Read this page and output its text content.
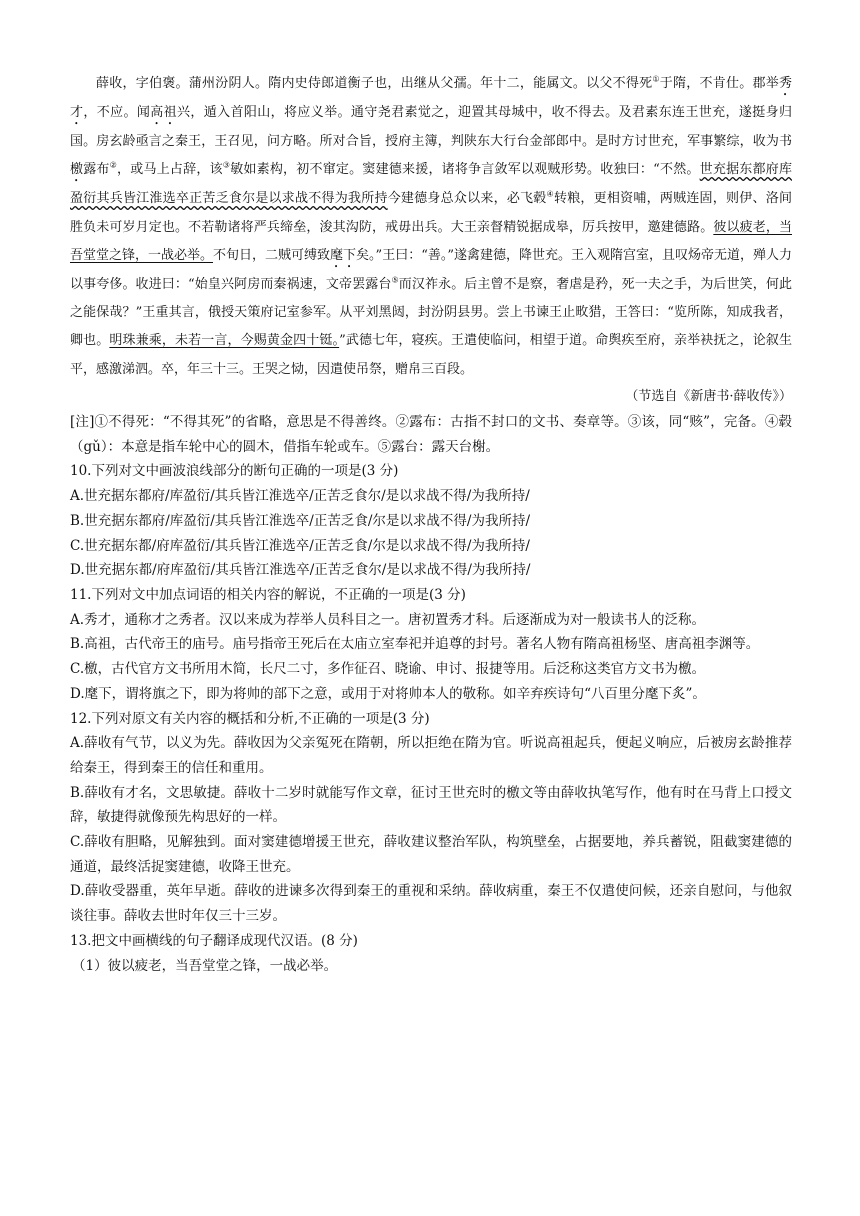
薛收，字伯褒。蒲州汾阴人。隋内史侍郎道衡子也，出继从父孺。年十二，能属文。以父不得死①于隋，不肯仕。郡举秀才，不应。闻高祖兴，遁入首阳山，将应义举。通守尧君素觉之，迎置其母城中，收不得去。及君素东连王世充，遂挺身归国。房玄龄亟言之秦王，王召见，问方略。所对合旨，授府主簿，判陕东大行台金部郎中。是时方讨世充，军事繁综，收为书檄露布②，或马上占辞，该③敏如素构，初不窜定。窦建德来援，诸将争言敛军以观贼形势。收独曰：“不然。世充据东都府库盈衍其兵皆江淮选卒正苦乏食尔是以求战不得为我所持今建德身总众以来，必飞毂④转粮，更相资哺，两贼连固，则伊、洛间胜负未可岁月定也。不若勒诸将严兵缔垒，浚其沟防，戒毋出兵。大王亲督精锐据成皋，厉兵按甲，邀建德路。彼以疲老，当吾堂堂之锋，一战必举。不旬日，二贼可缚致麾下矣。”王曰：“善。”遂禽建德，降世充。王入观隋宫室，且叹炀帝无道，殚人力以事夸侈。收进曰：“始皇兴阿房而秦祸速，文帝罢露台⑤而汉祚永。后主曾不是察，奢虐是矜，死一夫之手，为后世笑，何此之能保哉？”王重其言，俄授天策府记室参军。从平刘黑闼，封汾阴县男。尝上书谏王止畋猎，王答曰：“览所陈，知成我者，卿也。明珠兼乘，未若一言，今赐黄金四十铤。”武德七年，寝疾。王遣使临问，相望于道。命舆疾至府，亲举袂抚之，论叙生平，感激涕泗。卒，年三十三。王哭之恸，因遣使吊祭，赠帛三百段。

（节选自《新唐书·薛收传》）

[注]①不得死：“不得其死”的省略，意思是不得善终。②露布：古指不封口的文书、奏章等。③该，同“赅”，完备。④毂（gǔ）：本意是指车轮中心的圆木，借指车轮或车。⑤露台：露天台榭。

10.下列对文中画波浪线部分的断句正确的一项是(3 分)

A.世充据东都府/库盈衍/其兵皆江淮选卒/正苦乏食尔/是以求战不得/为我所持/

B.世充据东都府/库盈衍/其兵皆江淮选卒/正苦乏食/尔是以求战不得/为我所持/

C.世充据东都/府库盈衍/其兵皆江淮选卒/正苦乏食/尔是以求战不得/为我所持/

D.世充据东都/府库盈衍/其兵皆江淮选卒/正苦乏食尔/是以求战不得/为我所持/

11.下列对文中加点词语的相关内容的解说，不正确的一项是(3 分)

A.秀才，通称才之秀者。汉以来成为荐举人员科目之一。唐初置秀才科。后逐渐成为对一般读书人的泛称。

B.高祖，古代帝王的庙号。庙号指帝王死后在太庙立室奉祀并追尊的封号。著名人物有隋高祖杨坚、唐高祖李渊等。

C.檄，古代官方文书所用木简，长尺二寸，多作征召、晓谕、申讨、报捷等用。后泛称这类官方文书为檄。

D.麾下，谓将旗之下，即为将帅的部下之意，或用于对将帅本人的敬称。如辛弃疾诗句“八百里分麾下炙”。

12.下列对原文有关内容的概括和分析,不正确的一项是(3 分)

A.薛收有气节，以义为先。薛收因为父亲冤死在隋朝，所以拒绝在隋为官。听说高祖起兵，便起义响应，后被房玄龄推荐给秦王，得到秦王的信任和重用。

B.薛收有才名，文思敏捷。薛收十二岁时就能写作文章，征讨王世充时的檄文等由薛收执笔写作，他有时在马背上口授文辞，敏捷得就像预先构思好的一样。

C.薛收有胆略，见解独到。面对窦建德增援王世充，薛收建议整治军队，构筑壁垒，占据要地，养兵蓄锐，阻截窦建德的通道，最终活捉窦建德，收降王世充。

D.薛收受器重，英年早逝。薛收的进谏多次得到秦王的重视和采纳。薛收病重，秦王不仅遣使问候，还亲自慰问，与他叙谈往事。薛收去世时年仅三十三岁。

13.把文中画横线的句子翻译成现代汉语。(8 分)

（1）彼以疲老，当吾堂堂之锋，一战必举。
